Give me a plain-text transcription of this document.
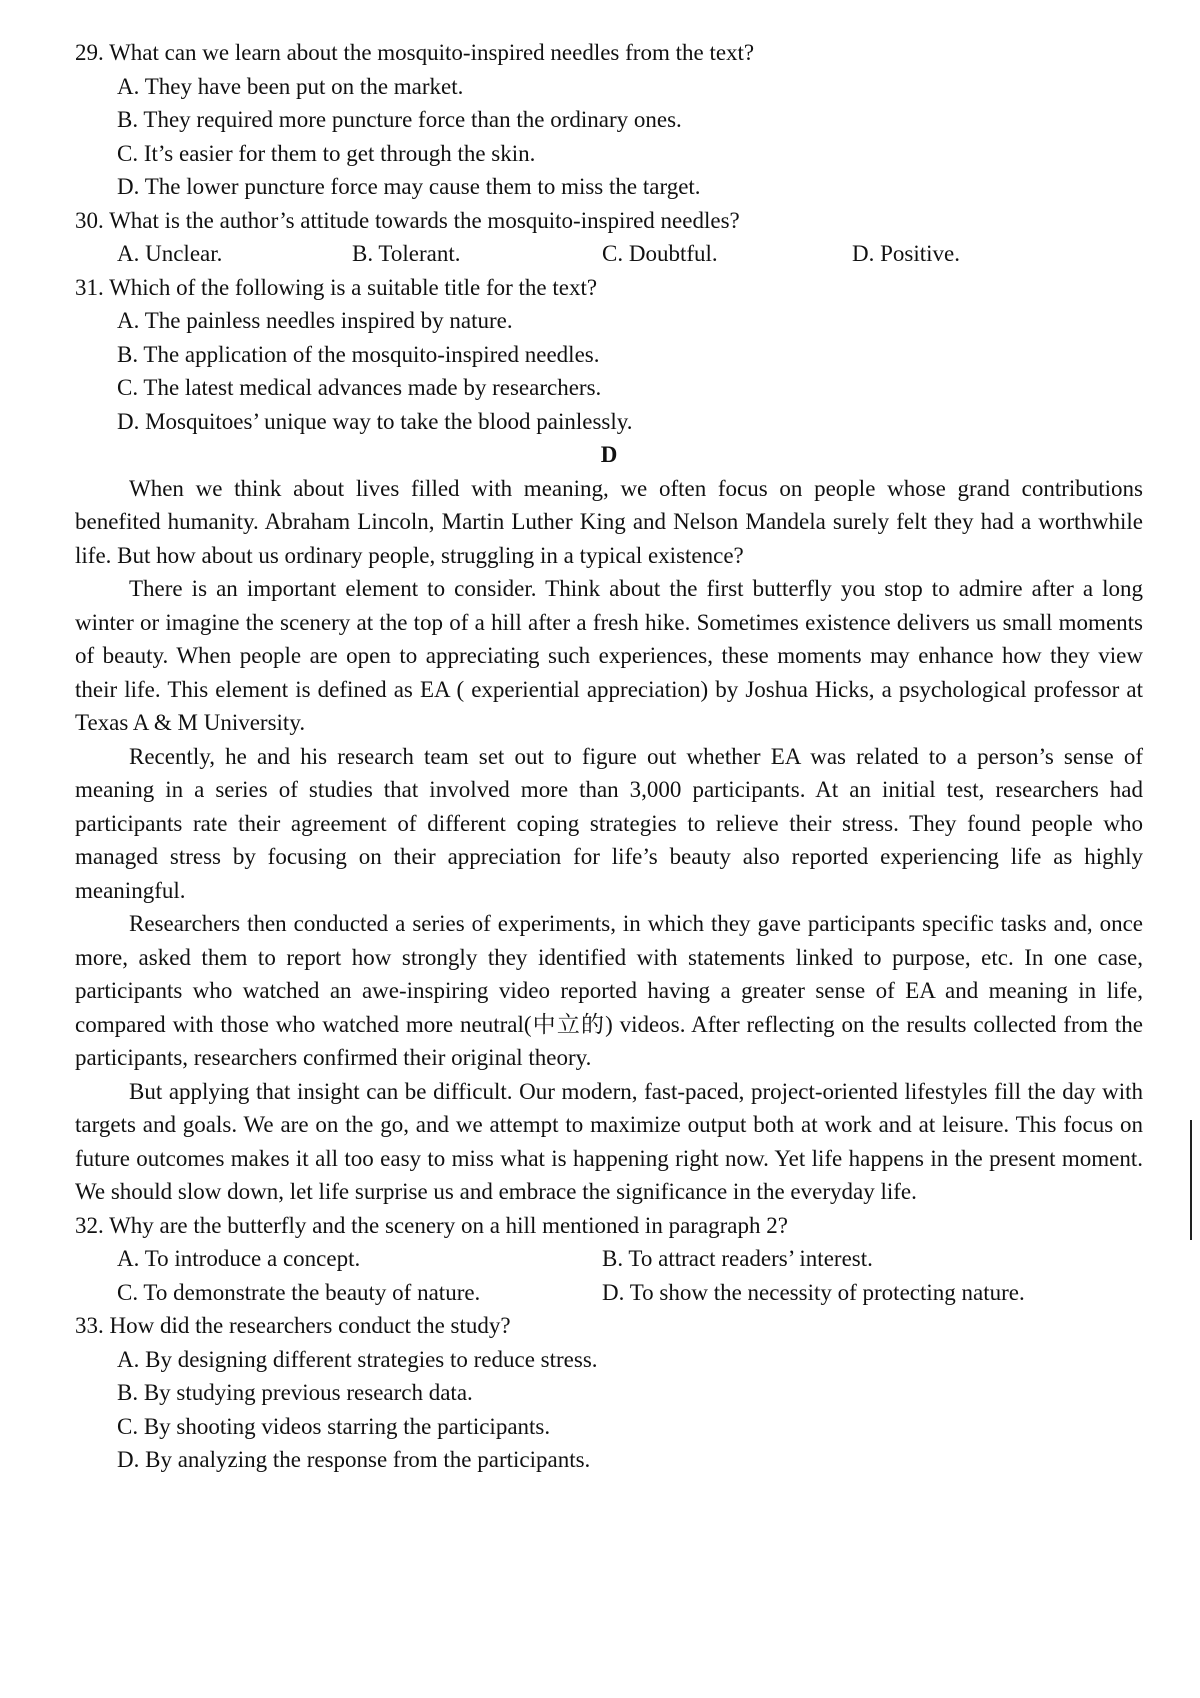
29. What can we learn about the mosquito-inspired needles from the text?
A. They have been put on the market.
B. They required more puncture force than the ordinary ones.
C. It’s easier for them to get through the skin.
D. The lower puncture force may cause them to miss the target.
30. What is the author’s attitude towards the mosquito-inspired needles?
A. Unclear.	B. Tolerant.	C. Doubtful.	D. Positive.
31. Which of the following is a suitable title for the text?
A. The painless needles inspired by nature.
B. The application of the mosquito-inspired needles.
C. The latest medical advances made by researchers.
D. Mosquitoes’ unique way to take the blood painlessly.
D

When we think about lives filled with meaning, we often focus on people whose grand contributions benefited humanity. Abraham Lincoln, Martin Luther King and Nelson Mandela surely felt they had a worthwhile life. But how about us ordinary people, struggling in a typical existence?

There is an important element to consider. Think about the first butterfly you stop to admire after a long winter or imagine the scenery at the top of a hill after a fresh hike. Sometimes existence delivers us small moments of beauty. When people are open to appreciating such experiences, these moments may enhance how they view their life. This element is defined as EA ( experiential appreciation) by Joshua Hicks, a psychological professor at Texas A & M University.

Recently, he and his research team set out to figure out whether EA was related to a person’s sense of meaning in a series of studies that involved more than 3,000 participants. At an initial test, researchers had participants rate their agreement of different coping strategies to relieve their stress. They found people who managed stress by focusing on their appreciation for life’s beauty also reported experiencing life as highly meaningful.

Researchers then conducted a series of experiments, in which they gave participants specific tasks and, once more, asked them to report how strongly they identified with statements linked to purpose, etc. In one case, participants who watched an awe-inspiring video reported having a greater sense of EA and meaning in life, compared with those who watched more neutral(中立的) videos. After reflecting on the results collected from the participants, researchers confirmed their original theory.

But applying that insight can be difficult. Our modern, fast-paced, project-oriented lifestyles fill the day with targets and goals. We are on the go, and we attempt to maximize output both at work and at leisure. This focus on future outcomes makes it all too easy to miss what is happening right now. Yet life happens in the present moment. We should slow down, let life surprise us and embrace the significance in the everyday life.

32. Why are the butterfly and the scenery on a hill mentioned in paragraph 2?
A. To introduce a concept.	B. To attract readers’ interest.
C. To demonstrate the beauty of nature.	D. To show the necessity of protecting nature.
33. How did the researchers conduct the study?
A. By designing different strategies to reduce stress.
B. By studying previous research data.
C. By shooting videos starring the participants.
D. By analyzing the response from the participants.
